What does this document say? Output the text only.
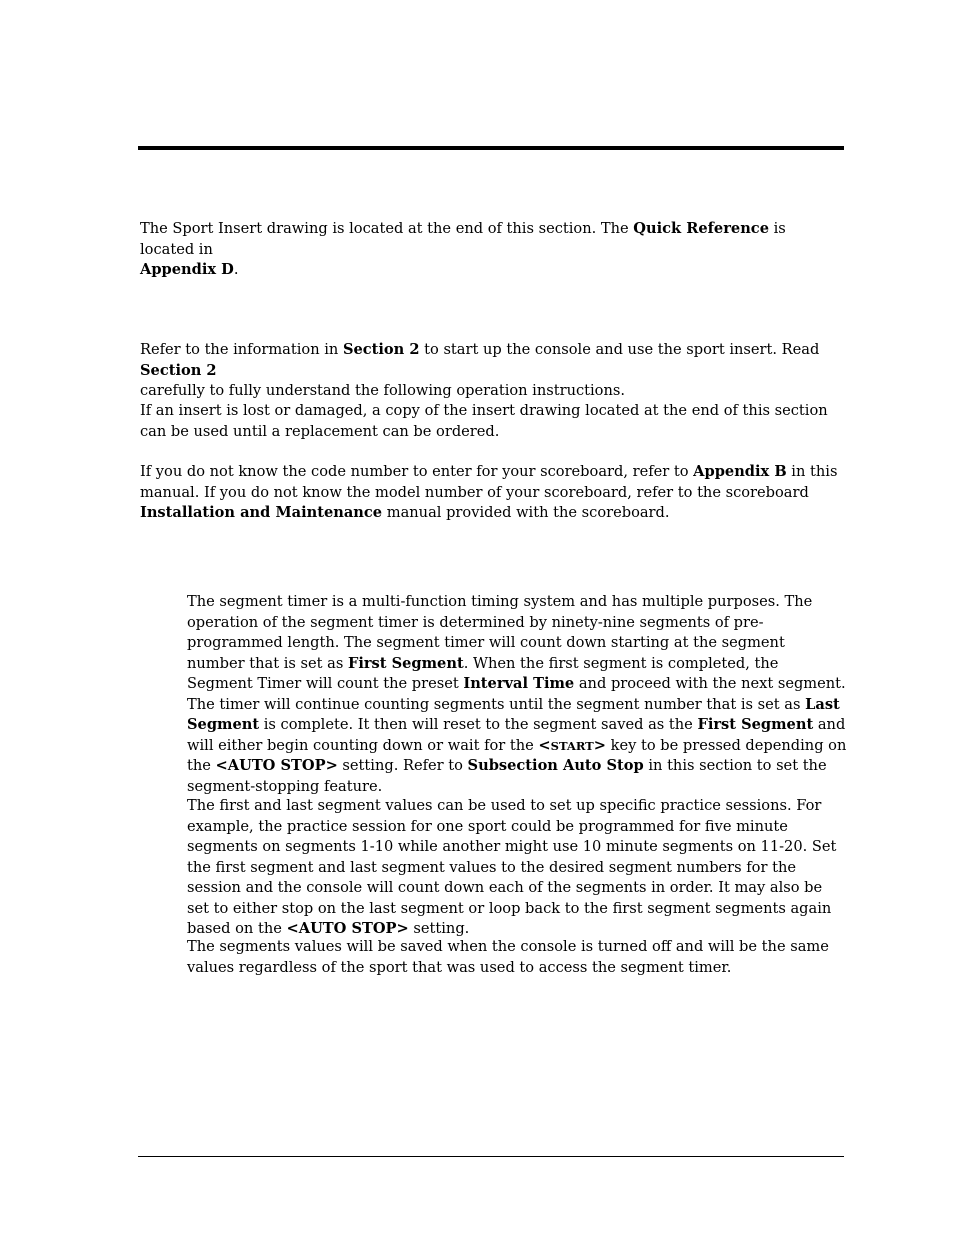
The Sport Insert drawing is located at the end of this section. The Quick Reference is located in
Appendix D.

Refer to the information in Section 2 to start up the console and use the sport insert. Read Section 2
carefully to fully understand the following operation instructions.

If an insert is lost or damaged, a copy of the insert drawing located at the end of this section can be used until a replacement can be ordered.

If you do not know the code number to enter for your scoreboard, refer to Appendix B in this manual. If you do not know the model number of your scoreboard, refer to the scoreboard
Installation and Maintenance manual provided with the scoreboard.

The segment timer is a multi-function timing system and has multiple purposes. The operation of the segment timer is determined by ninety-nine segments of pre-programmed length. The segment timer will count down starting at the segment number that is set as First Segment. When the first segment is completed, the Segment Timer will count the preset Interval Time and proceed with the next segment. The timer will continue counting segments until the segment number that is set as Last Segment is complete. It then will reset to the segment saved as the First Segment and will either begin counting down or wait for the <START> key to be pressed depending on the <AUTO STOP> setting. Refer to Subsection Auto Stop in this section to set the segment-stopping feature.

The first and last segment values can be used to set up specific practice sessions. For example, the practice session for one sport could be programmed for five minute segments on segments 1-10 while another might use 10 minute segments on 11-20. Set the first segment and last segment values to the desired segment numbers for the session and the console will count down each of the segments in order. It may also be set to either stop on the last segment or loop back to the first segment segments again based on the <AUTO STOP> setting.

The segments values will be saved when the console is turned off and will be the same values regardless of the sport that was used to access the segment timer.
